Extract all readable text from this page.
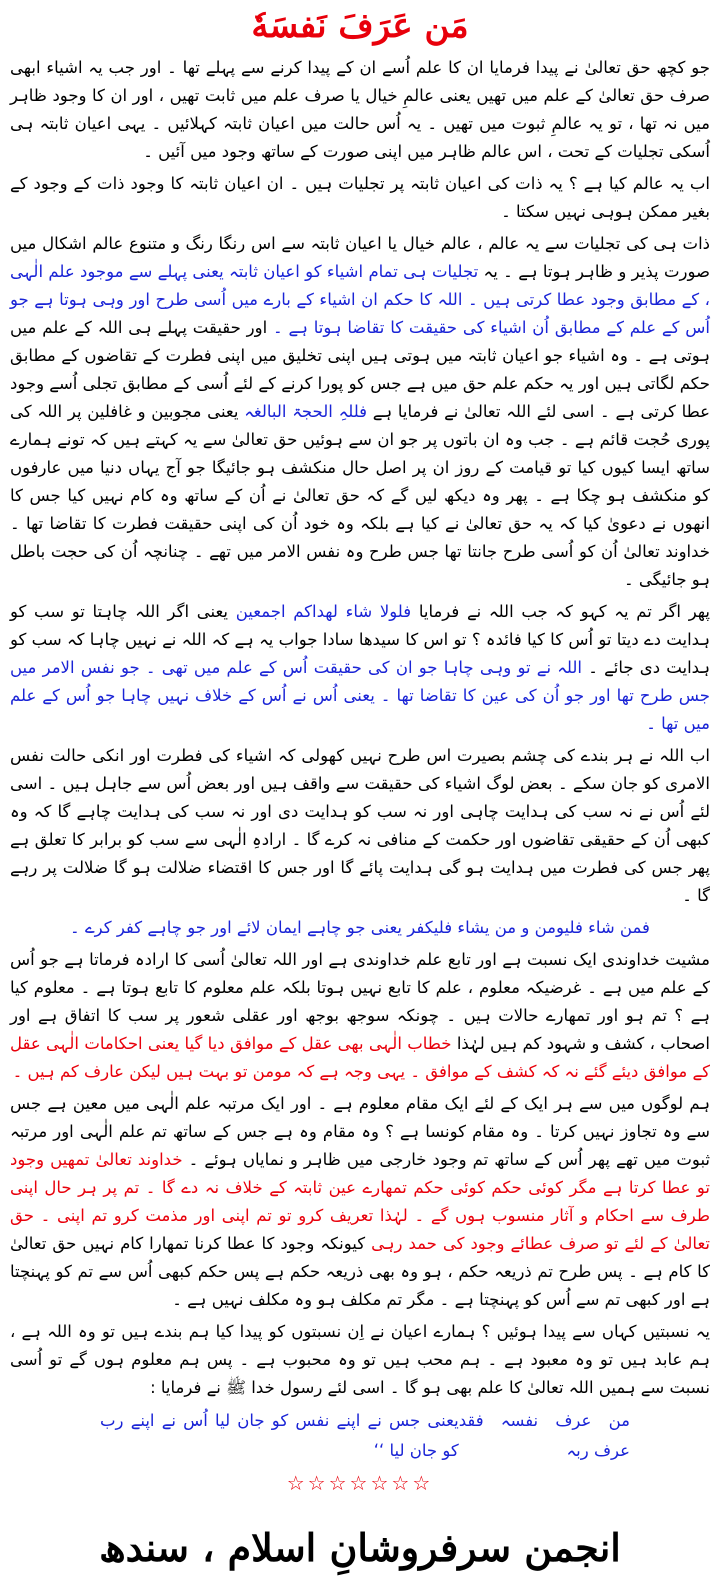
مَن عَرَفَ نَفسَهٗ
جو کچھ حق تعالیٰ نے پیدا فرمایا ان کا علم اُسے ان کے پیدا کرنے سے پہلے تھا ۔ اور جب یہ اشیاء ابھی صرف حق تعالیٰ کے علم میں تھیں یعنی عالمِ خیال یا صرف علم میں ثابت تھیں ، اور ان کا وجود ظاہر میں نہ تھا ، تو یہ عالمِ ثبوت میں تھیں ۔ یہ اُس حالت میں اعیان ثابتہ کہلائیں ۔ یہی اعیان ثابتہ ہی اُسکی تجلیات کے تحت ، اس عالم ظاہر میں اپنی صورت کے ساتھ وجود میں آئیں ۔
اب یہ عالم کیا ہے ؟ یہ ذات کی اعیان ثابتہ پر تجلیات ہیں ۔ ان اعیان ثابتہ کا وجود ذات کے وجود کے بغیر ممکن ہوہی نہیں سکتا ۔
ذات ہی کی تجلیات سے یہ عالم ، عالم خیال یا اعیان ثابتہ سے اس رنگا رنگ و متنوع عالم اشکال میں صورت پذیر و ظاہر ہوتا ہے ۔ یہ تجلیات ہی تمام اشیاء کو اعیان ثابتہ یعنی پہلے سے موجود علم الٰہی ، کے مطابق وجود عطا کرتی ہیں ۔ اللہ کا حکم ان اشیاء کے بارے میں اُسی طرح اور وہی ہوتا ہے جو اُس کے علم کے مطابق اُن اشیاء کی حقیقت کا تقاضا ہوتا ہے ۔ اور حقیقت پہلے ہی اللہ کے علم میں ہوتی ہے ۔ وہ اشیاء جو اعیان ثابتہ میں ہوتی ہیں اپنی تخلیق میں اپنی فطرت کے تقاضوں کے مطابق حکم لگاتی ہیں اور یہ حکم علم حق میں ہے جس کو پورا کرنے کے لئے اُسی کے مطابق تجلی اُسے وجود عطا کرتی ہے ۔ اسی لئے اللہ تعالیٰ نے فرمایا ہے فللہِ الحجۃ البالغہ یعنی مجوبین و غافلین پر اللہ کی پوری حُجت قائم ہے ۔ جب وہ ان باتوں پر جو ان سے ہوئیں حق تعالیٰ سے یہ کہتے ہیں کہ تونے ہمارے ساتھ ایسا کیوں کیا تو قیامت کے روز ان پر اصل حال منکشف ہو جائیگا جو آج یہاں دنیا میں عارفوں کو منکشف ہو چکا ہے ۔ پھر وہ دیکھ لیں گے کہ حق تعالیٰ نے اُن کے ساتھ وہ کام نہیں کیا جس کا انھوں نے دعویٰ کیا کہ یہ حق تعالیٰ نے کیا ہے بلکہ وہ خود اُن کی اپنی حقیقت فطرت کا تقاضا تھا ۔ خداوند تعالیٰ اُن کو اُسی طرح جانتا تھا جس طرح وہ نفس الامر میں تھے ۔ چنانچہ اُن کی حجت باطل ہو جائیگی ۔
پھر اگر تم یہ کہو کہ جب اللہ نے فرمایا فلولا شاء لھداکم اجمعین یعنی اگر اللہ چاہتا تو سب کو ہدایت دے دیتا تو اُس کا کیا فائدہ ؟ تو اس کا سیدھا سادا جواب یہ ہے کہ اللہ نے نہیں چاہا کہ سب کو ہدایت دی جائے ۔ اللہ نے تو وہی چاہا جو ان کی حقیقت اُس کے علم میں تھی ۔ جو نفس الامر میں جس طرح تھا اور جو اُن کی عین کا تقاضا تھا ۔ یعنی اُس نے اُس کے خلاف نہیں چاہا جو اُس کے علم میں تھا ۔
اب اللہ نے ہر بندے کی چشم بصیرت اس طرح نہیں کھولی کہ اشیاء کی فطرت اور انکی حالت نفس الامری کو جان سکے ۔ بعض لوگ اشیاء کی حقیقت سے واقف ہیں اور بعض اُس سے جاہل ہیں ۔ اسی لئے اُس نے نہ سب کی ہدایت چاہی اور نہ سب کو ہدایت دی اور نہ سب کی ہدایت چاہے گا کہ وہ کبھی اُن کے حقیقی تقاضوں اور حکمت کے منافی نہ کرے گا ۔ ارادہِ الٰہی سے سب کو برابر کا تعلق ہے پھر جس کی فطرت میں ہدایت ہو گی ہدایت پائے گا اور جس کا اقتضاء ضلالت ہو گا ضلالت پر رہے گا ۔
فمن شاء فلیومن و من یشاء فلیکفر یعنی جو چاہے ایمان لائے اور جو چاہے کفر کرے ۔
مشیت خداوندی ایک نسبت ہے اور تابع علم خداوندی ہے اور اللہ تعالیٰ اُسی کا ارادہ فرماتا ہے جو اُس کے علم میں ہے ۔ غرضیکہ معلوم ، علم کا تابع نہیں ہوتا بلکہ علم معلوم کا تابع ہوتا ہے ۔ معلوم کیا ہے ؟ تم ہو اور تمھارے حالات ہیں ۔ چونکہ سوجھ بوجھ اور عقلی شعور پر سب کا اتفاق ہے اور اصحاب ، کشف و شہود کم ہیں لہٰذا خطاب الٰہی بھی عقل کے موافق دیا گیا یعنی احکامات الٰہی عقل کے موافق دیئے گئے نہ کہ کشف کے موافق ۔ یہی وجہ ہے کہ مومن تو بہت ہیں لیکن عارف کم ہیں ۔
ہم لوگوں میں سے ہر ایک کے لئے ایک مقام معلوم ہے ۔ اور ایک مرتبہ علم الٰہی میں معین ہے جس سے وہ تجاوز نہیں کرتا ۔ وہ مقام کونسا ہے ؟ وہ مقام وہ ہے جس کے ساتھ تم علم الٰہی اور مرتبہ ثبوت میں تھے پھر اُس کے ساتھ تم وجود خارجی میں ظاہر و نمایاں ہوئے ۔ خداوند تعالیٰ تمھیں وجود تو عطا کرتا ہے مگر کوئی حکم کوئی حکم تمھارے عین ثابتہ کے خلاف نہ دے گا ۔ تم پر ہر حال اپنی طرف سے احکام و آثار منسوب ہوں گے ۔ لہٰذا تعریف کرو تو تم اپنی اور مذمت کرو تم اپنی ۔ حق تعالیٰ کے لئے تو صرف عطائے وجود کی حمد رہی کیونکہ وجود کا عطا کرنا تمھارا کام نہیں حق تعالیٰ کا کام ہے ۔ پس طرح تم ذریعہ حکم ، ہو وہ بھی ذریعہ حکم ہے پس حکم کبھی اُس سے تم کو پہنچتا ہے اور کبھی تم سے اُس کو پہنچتا ہے ۔ مگر تم مکلف ہو وہ مکلف نہیں ہے ۔
یہ نسبتیں کہاں سے پیدا ہوئیں ؟ ہمارے اعیان نے اِن نسبتوں کو پیدا کیا ہم بندے ہیں تو وہ اللہ ہے ، ہم عابد ہیں تو وہ معبود ہے ۔ ہم محب ہیں تو وہ محبوب ہے ۔ پس ہم معلوم ہوں گے تو اُسی نسبت سے ہمیں اللہ تعالیٰ کا علم بھی ہو گا ۔ اسی لئے رسول خدا ﷺ نے فرمایا :
من عرف نفسہ فقد عرف ربہ
یعنی جس نے اپنے نفس کو جان لیا اُس نے اپنے رب کو جان لیا ‘‘
☆☆☆☆☆☆☆
انجمن سرفروشانِ اسلام ، سندھ
